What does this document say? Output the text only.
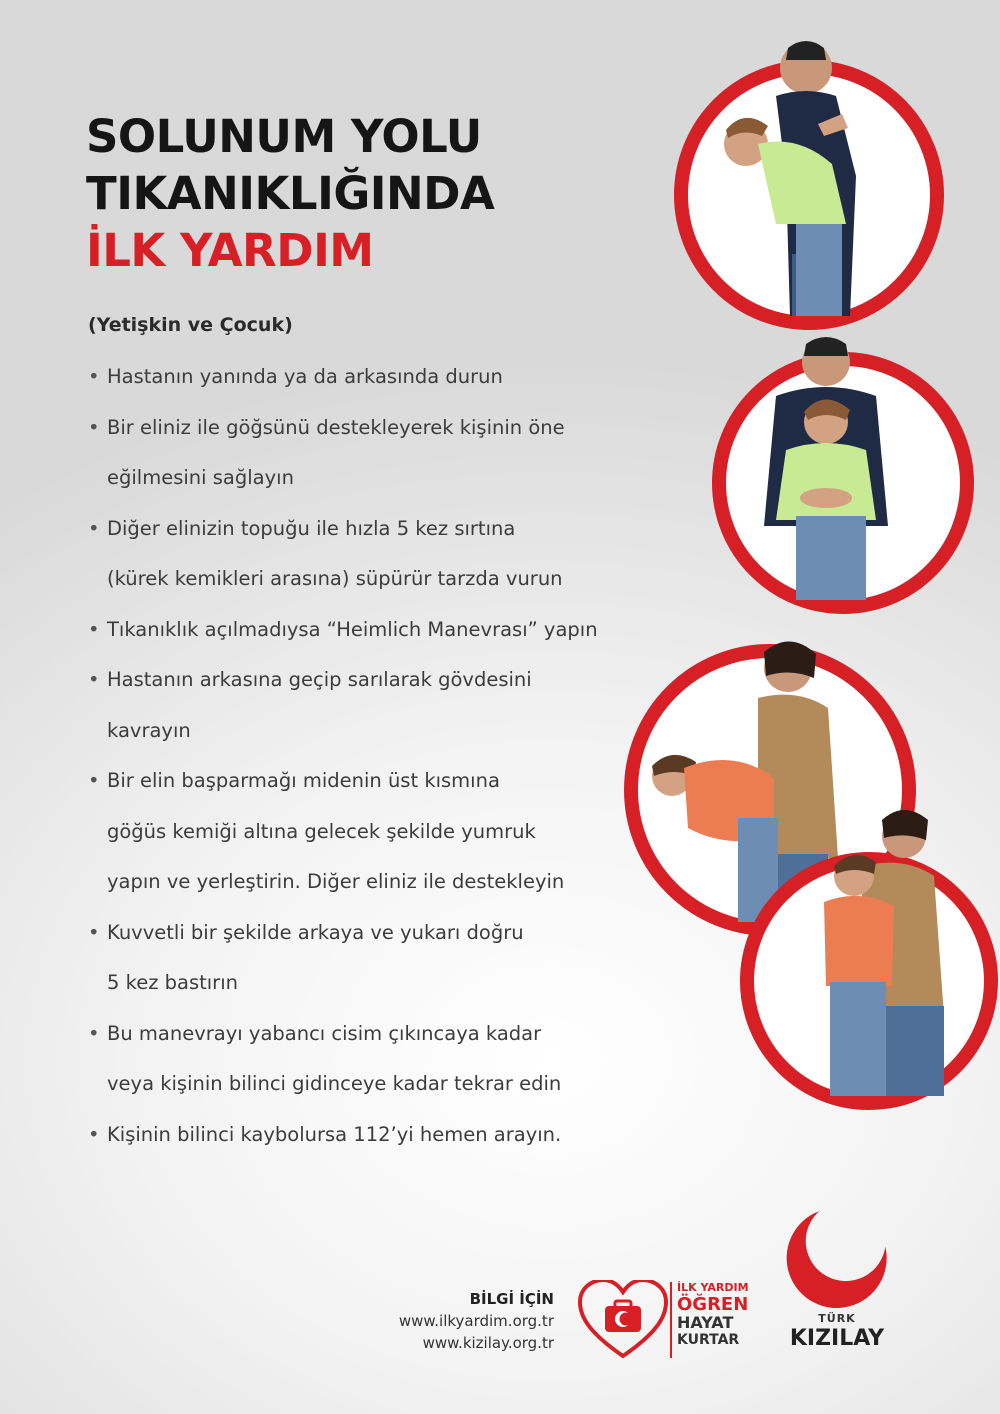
SOLUNUM YOLU
TIKANIKLIĞINDA
İLK YARDIM

(Yetişkin ve Çocuk)

• Hastanın yanında ya da arkasında durun
• Bir eliniz ile göğsünü destekleyerek kişinin öne
eğilmesini sağlayın
• Diğer elinizin topuğu ile hızla 5 kez sırtına
(kürek kemikleri arasına) süpürür tarzda vurun
• Tıkanıklık açılmadıysa “Heimlich Manevrası” yapın
• Hastanın arkasına geçip sarılarak gövdesini
kavrayın
• Bir elin başparmağı midenin üst kısmına
göğüs kemiği altına gelecek şekilde yumruk
yapın ve yerleştirin. Diğer eliniz ile destekleyin
• Kuvvetli bir şekilde arkaya ve yukarı doğru
5 kez bastırın
• Bu manevrayı yabancı cisim çıkıncaya kadar
veya kişinin bilinci gidinceye kadar tekrar edin
• Kişinin bilinci kaybolursa 112’yi hemen arayın.
BİLGİ İÇİN
www.ilkyardim.org.tr
www.kizilay.org.tr
İLK YARDIM
ÖĞREN
HAYAT
KURTAR
TÜRK
KIZILAY
